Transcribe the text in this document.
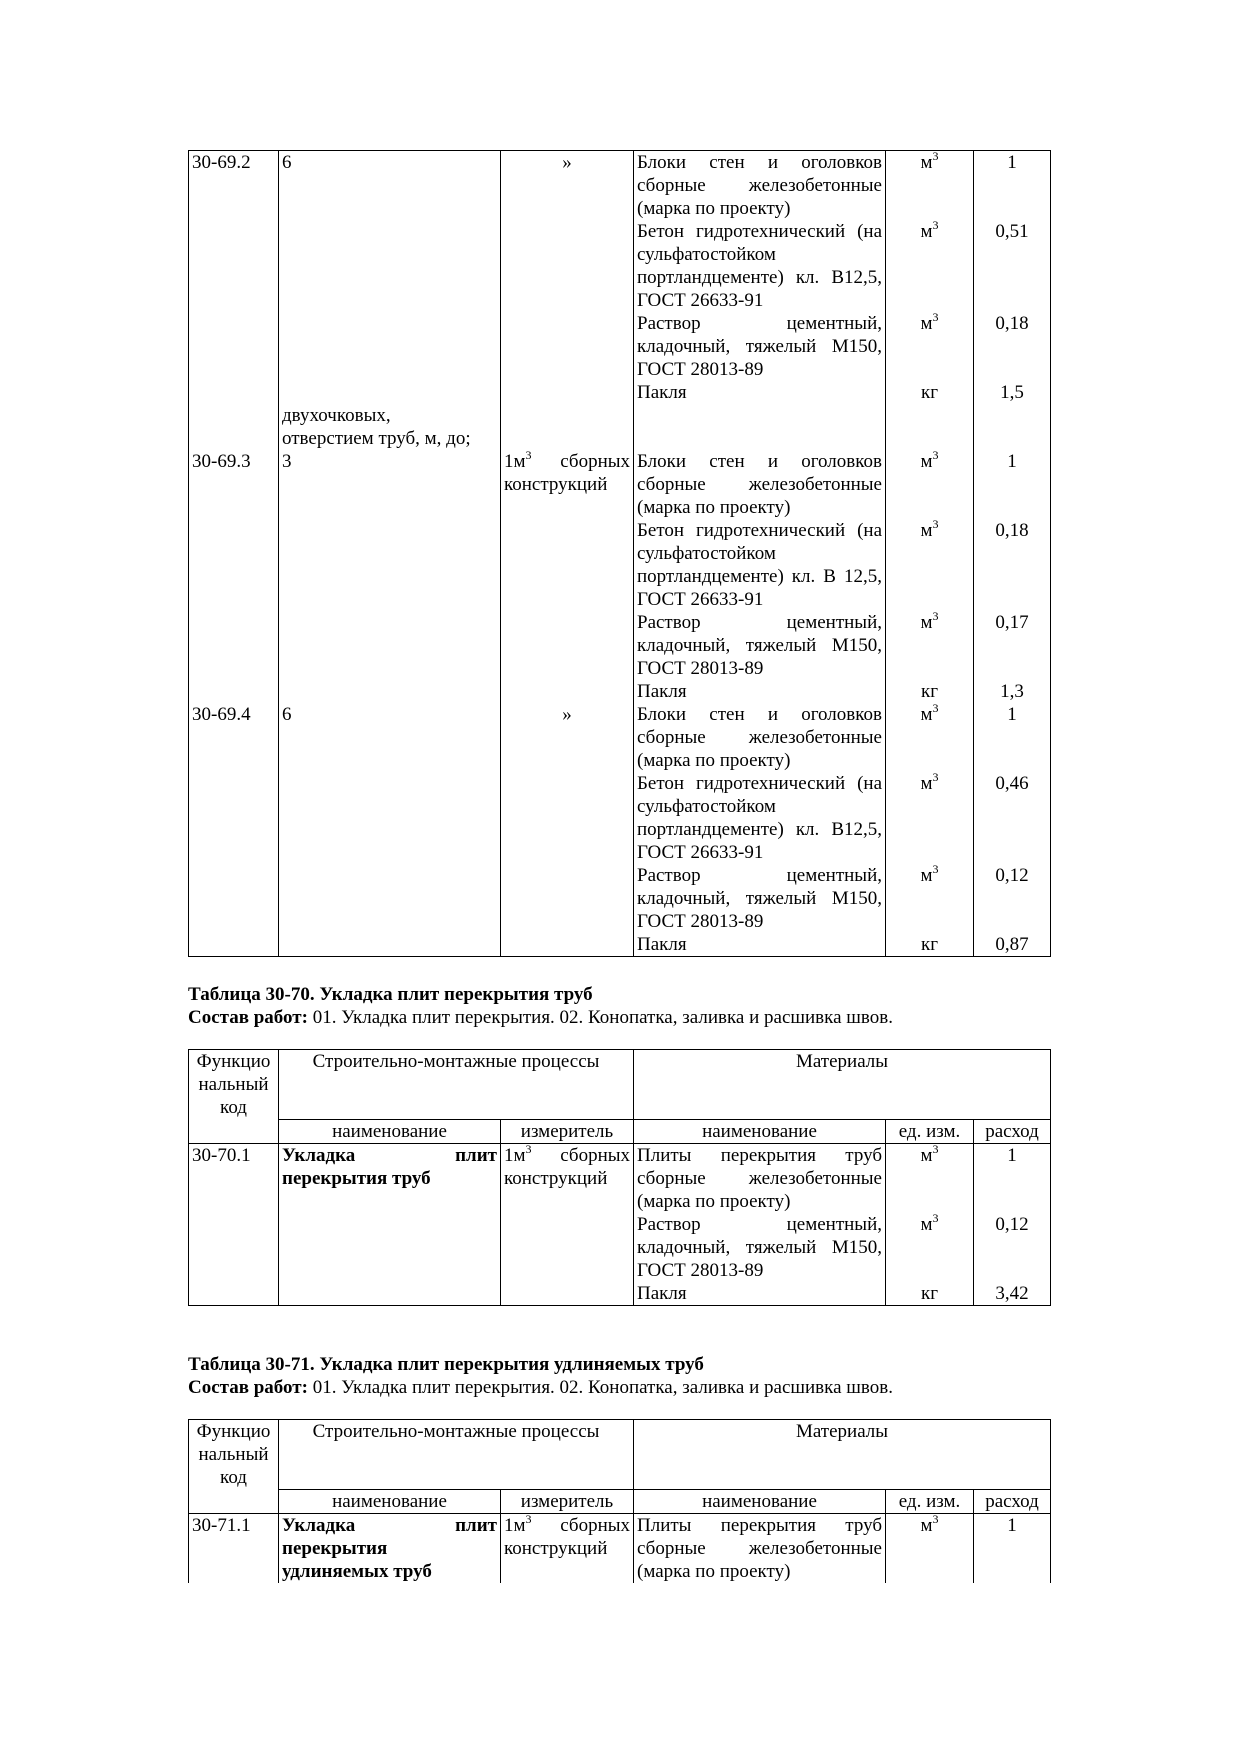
30-69.2	6	»	Блоки стен и оголовков сборные железобетонные (марка по проекту)	$м^3$	1
			Бетон гидротехнический (на сульфатостойком портландцементе) кл. В12,5, ГОСТ 26633-91	$м^3$	0,51
			Раствор цементный, кладочный, тяжелый М150, ГОСТ 28013-89	$м^3$	0,18
			Пакля	кг	1,5

	двухочковых,
отверстием труб, м, до;				

30-69.3	3	$1м^3$ сборных конструкций	Блоки стен и оголовков сборные железобетонные (марка по проекту)	$м^3$	1
			Бетон гидротехнический (на сульфатостойком портландцементе) кл. В 12,5, ГОСТ 26633-91	$м^3$	0,18
			Раствор цементный, кладочный, тяжелый М150, ГОСТ 28013-89	$м^3$	0,17
			Пакля	кг	1,3
30-69.4	6	»	Блоки стен и оголовков сборные железобетонные (марка по проекту)	$м^3$	1
			Бетон гидротехнический (на сульфатостойком портландцементе) кл. В12,5, ГОСТ 26633-91	$м^3$	0,46
			Раствор цементный, кладочный, тяжелый М150, ГОСТ 28013-89	$м^3$	0,12
			Пакля	кг	0,87

Таблица 30-70. Укладка плит перекрытия труб

Состав работ: 01. Укладка плит перекрытия. 02. Конопатка, заливка и расшивка швов.

Функцио нальный код	Строительно-монтажные процессы		Материалы		
	наименование	измеритель	наименование	ед. изм.	расход
30-70.1	Укладка плит
перекрытия труб	$1м^3$ сборных конструкций	Плиты перекрытия труб сборные железобетонные (марка по проекту)	$м^3$	1
			Раствор цементный, кладочный, тяжелый М150, ГОСТ 28013-89	$м^3$	0,12
			Пакля	кг	3,42

Таблица 30-71. Укладка плит перекрытия удлиняемых труб

Состав работ: 01. Укладка плит перекрытия. 02. Конопатка, заливка и расшивка швов.

Функцио нальный код	Строительно-монтажные процессы		Материалы		
	наименование	измеритель	наименование	ед. изм.	расход
30-71.1	Укладка плит
перекрытия
удлиняемых труб	$1м^3$ сборных конструкций	Плиты перекрытия труб сборные железобетонные (марка по проекту)	$м^3$	1
